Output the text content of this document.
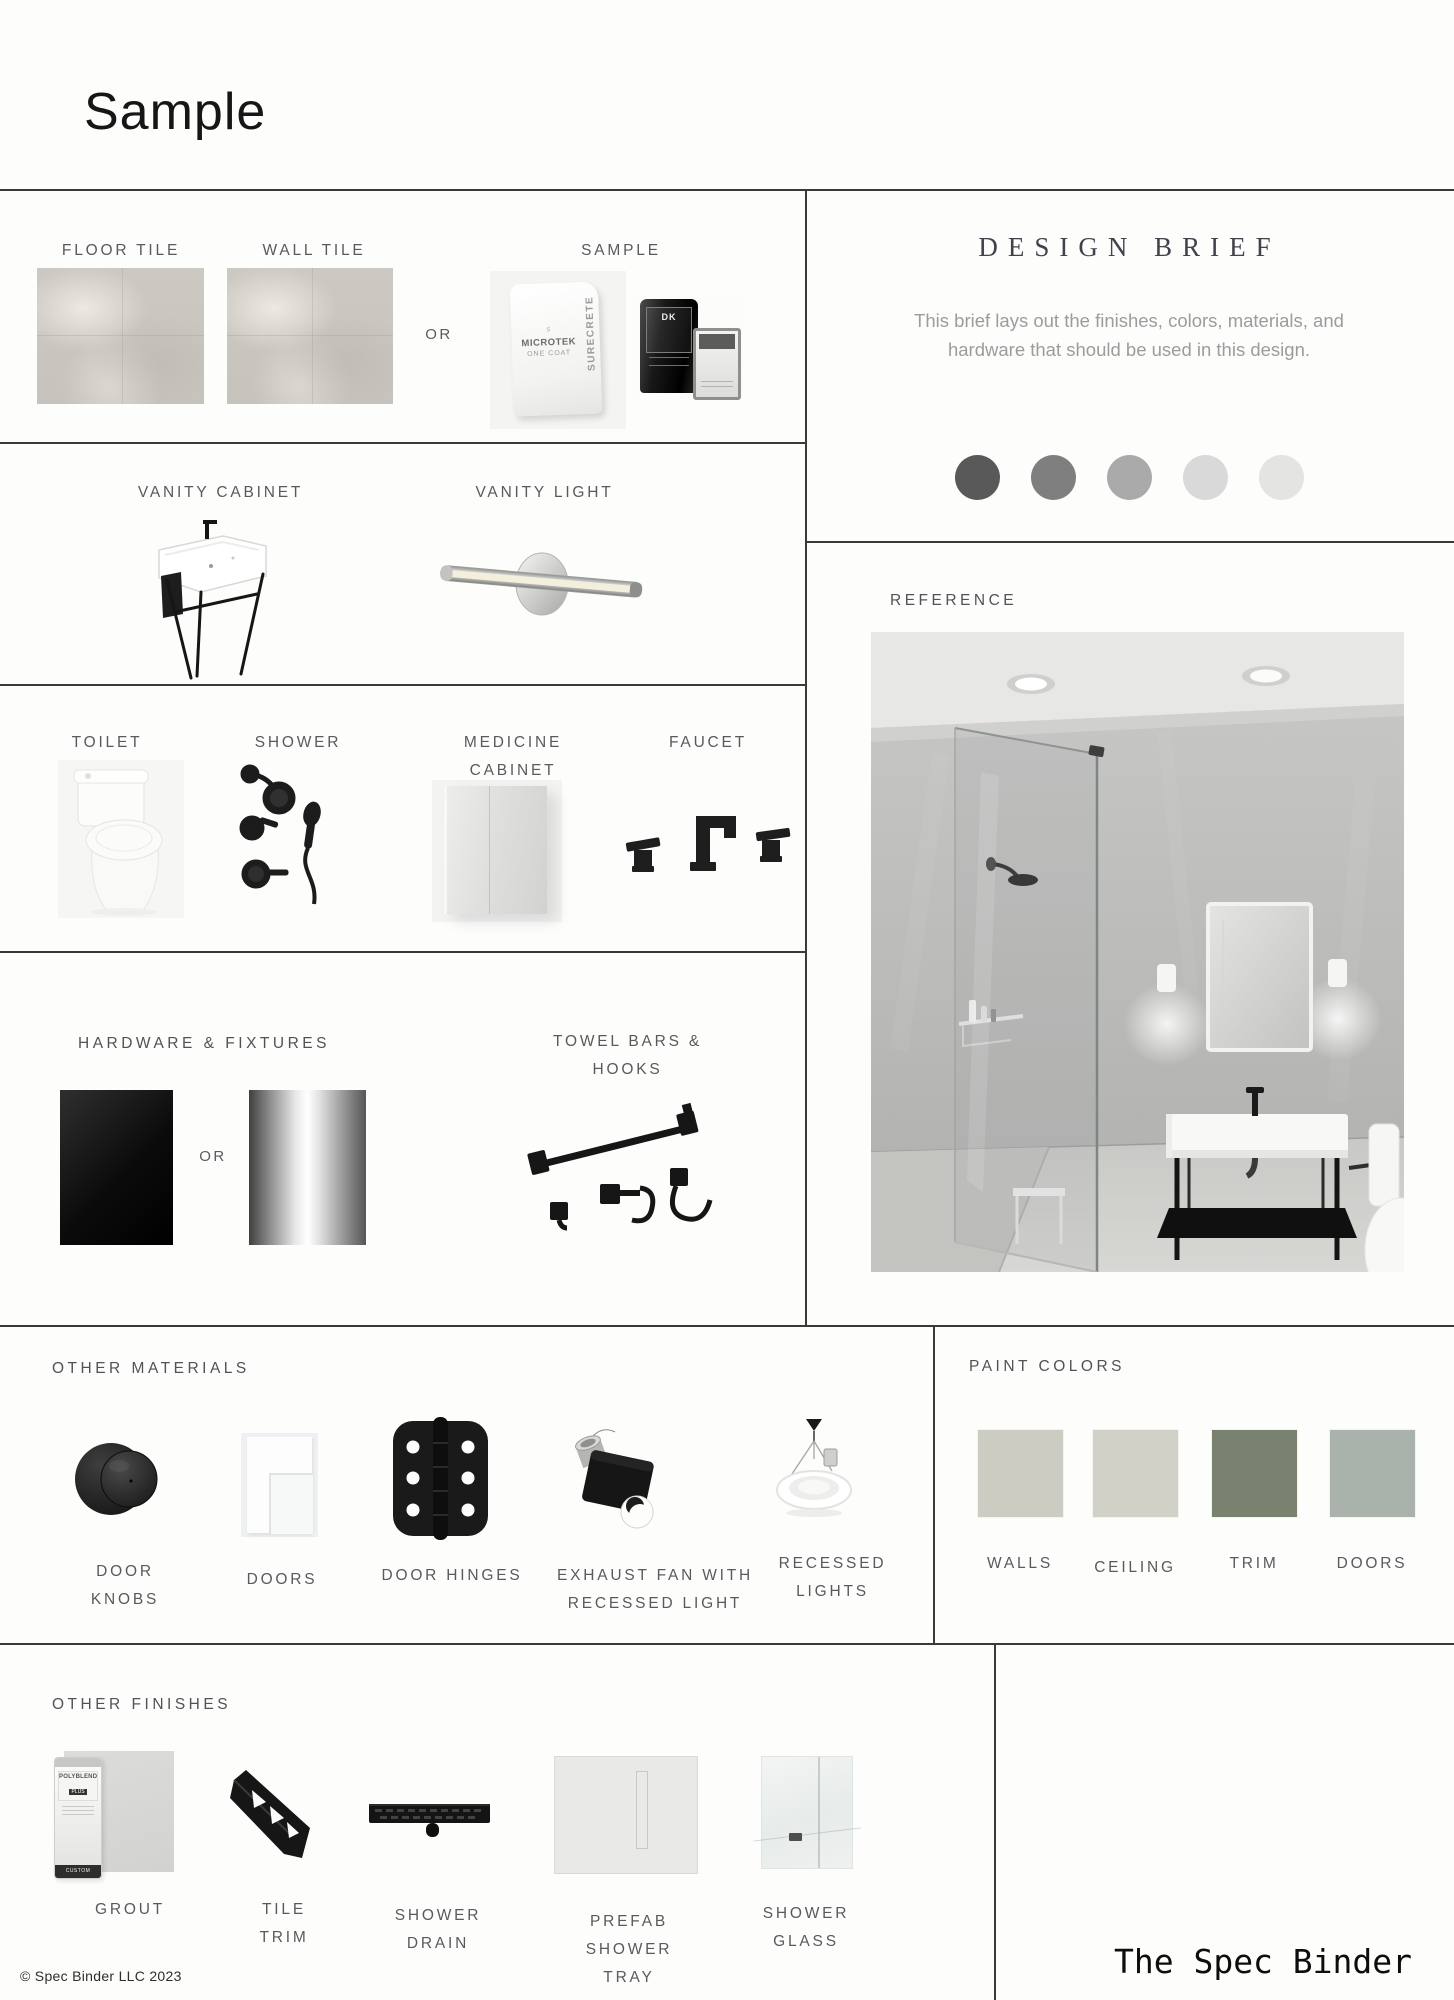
Sample
FLOOR TILE	WALL TILE	SAMPLE
OR	SURECRETE
S
MICROTEK
ONE COAT
DK
VANITY CABINET	VANITY LIGHT
TOILET	SHOWER	MEDICINE CABINET
FAUCET
HARDWARE & FIXTURES	TOWEL BARS & HOOKS
OR
DESIGN BRIEF
This brief lays out the finishes, colors, materials, and hardware that should be used in this design.
REFERENCE
OTHER MATERIALS
DOOR KNOBS
DOORS	DOOR HINGES	EXHAUST FAN WITH RECESSED LIGHT
RECESSED LIGHTS
PAINT COLORS
WALLS	CEILING	TRIM	DOORS
OTHER FINISHES
POLYBLEND
PLUS
CUSTOM
GROUT	TILE TRIM
SHOWER DRAIN
PREFAB SHOWER TRAY
SHOWER GLASS
© Spec Binder LLC 2023	The Spec Binder
